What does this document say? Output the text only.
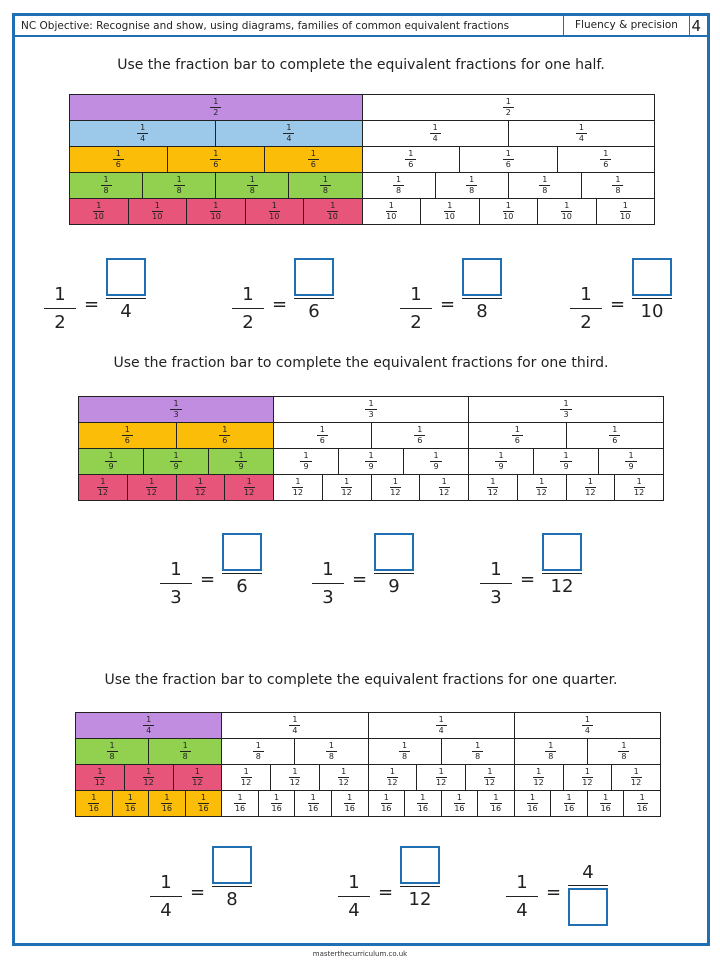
NC Objective: Recognise and show, using diagrams, families of common equivalent fractions	Fluency & precision 4
Use the fraction bar to complete the equivalent fractions for one half.
$\frac{1}{2}$	$\frac{1}{2}$
$\frac{1}{4}$	$\frac{1}{4}$	$\frac{1}{4}$	$\frac{1}{4}$
$\frac{1}{6}$	$\frac{1}{6}$	$\frac{1}{6}$	$\frac{1}{6}$	$\frac{1}{6}$	$\frac{1}{6}$
$\frac{1}{8}$	$\frac{1}{8}$	$\frac{1}{8}$	$\frac{1}{8}$	$\frac{1}{8}$	$\frac{1}{8}$	$\frac{1}{8}$	$\frac{1}{8}$
$\frac{1}{10}$	$\frac{1}{10}$	$\frac{1}{10}$	$\frac{1}{10}$	$\frac{1}{10}$	$\frac{1}{10}$	$\frac{1}{10}$	$\frac{1}{10}$	$\frac{1}{10}$	$\frac{1}{10}$
1
2
= 4
1
2
= 6
1
2
= 8
1
2
= 10
Use the fraction bar to complete the equivalent fractions for one third.
$\frac{1}{3}$	$\frac{1}{3}$	$\frac{1}{3}$
$\frac{1}{6}$	$\frac{1}{6}$	$\frac{1}{6}$	$\frac{1}{6}$	$\frac{1}{6}$	$\frac{1}{6}$
$\frac{1}{9}$	$\frac{1}{9}$	$\frac{1}{9}$	$\frac{1}{9}$	$\frac{1}{9}$	$\frac{1}{9}$	$\frac{1}{9}$	$\frac{1}{9}$	$\frac{1}{9}$
$\frac{1}{12}$	$\frac{1}{12}$	$\frac{1}{12}$	$\frac{1}{12}$	$\frac{1}{12}$	$\frac{1}{12}$	$\frac{1}{12}$	$\frac{1}{12}$	$\frac{1}{12}$	$\frac{1}{12}$	$\frac{1}{12}$	$\frac{1}{12}$
1
3
= 6
1
3
= 9
1
3
= 12
Use the fraction bar to complete the equivalent fractions for one quarter.
$\frac{1}{4}$	$\frac{1}{4}$	$\frac{1}{4}$	$\frac{1}{4}$
$\frac{1}{8}$	$\frac{1}{8}$	$\frac{1}{8}$	$\frac{1}{8}$	$\frac{1}{8}$	$\frac{1}{8}$	$\frac{1}{8}$	$\frac{1}{8}$
$\frac{1}{12}$	$\frac{1}{12}$	$\frac{1}{12}$	$\frac{1}{12}$	$\frac{1}{12}$	$\frac{1}{12}$	$\frac{1}{12}$	$\frac{1}{12}$	$\frac{1}{12}$	$\frac{1}{12}$	$\frac{1}{12}$	$\frac{1}{12}$
$\frac{1}{16}$	$\frac{1}{16}$	$\frac{1}{16}$	$\frac{1}{16}$	$\frac{1}{16}$	$\frac{1}{16}$	$\frac{1}{16}$	$\frac{1}{16}$	$\frac{1}{16}$	$\frac{1}{16}$	$\frac{1}{16}$	$\frac{1}{16}$	$\frac{1}{16}$	$\frac{1}{16}$	$\frac{1}{16}$	$\frac{1}{16}$
1
4
= 8
1
4
= 12
1
4
=
4
masterthecurriculum.co.uk
